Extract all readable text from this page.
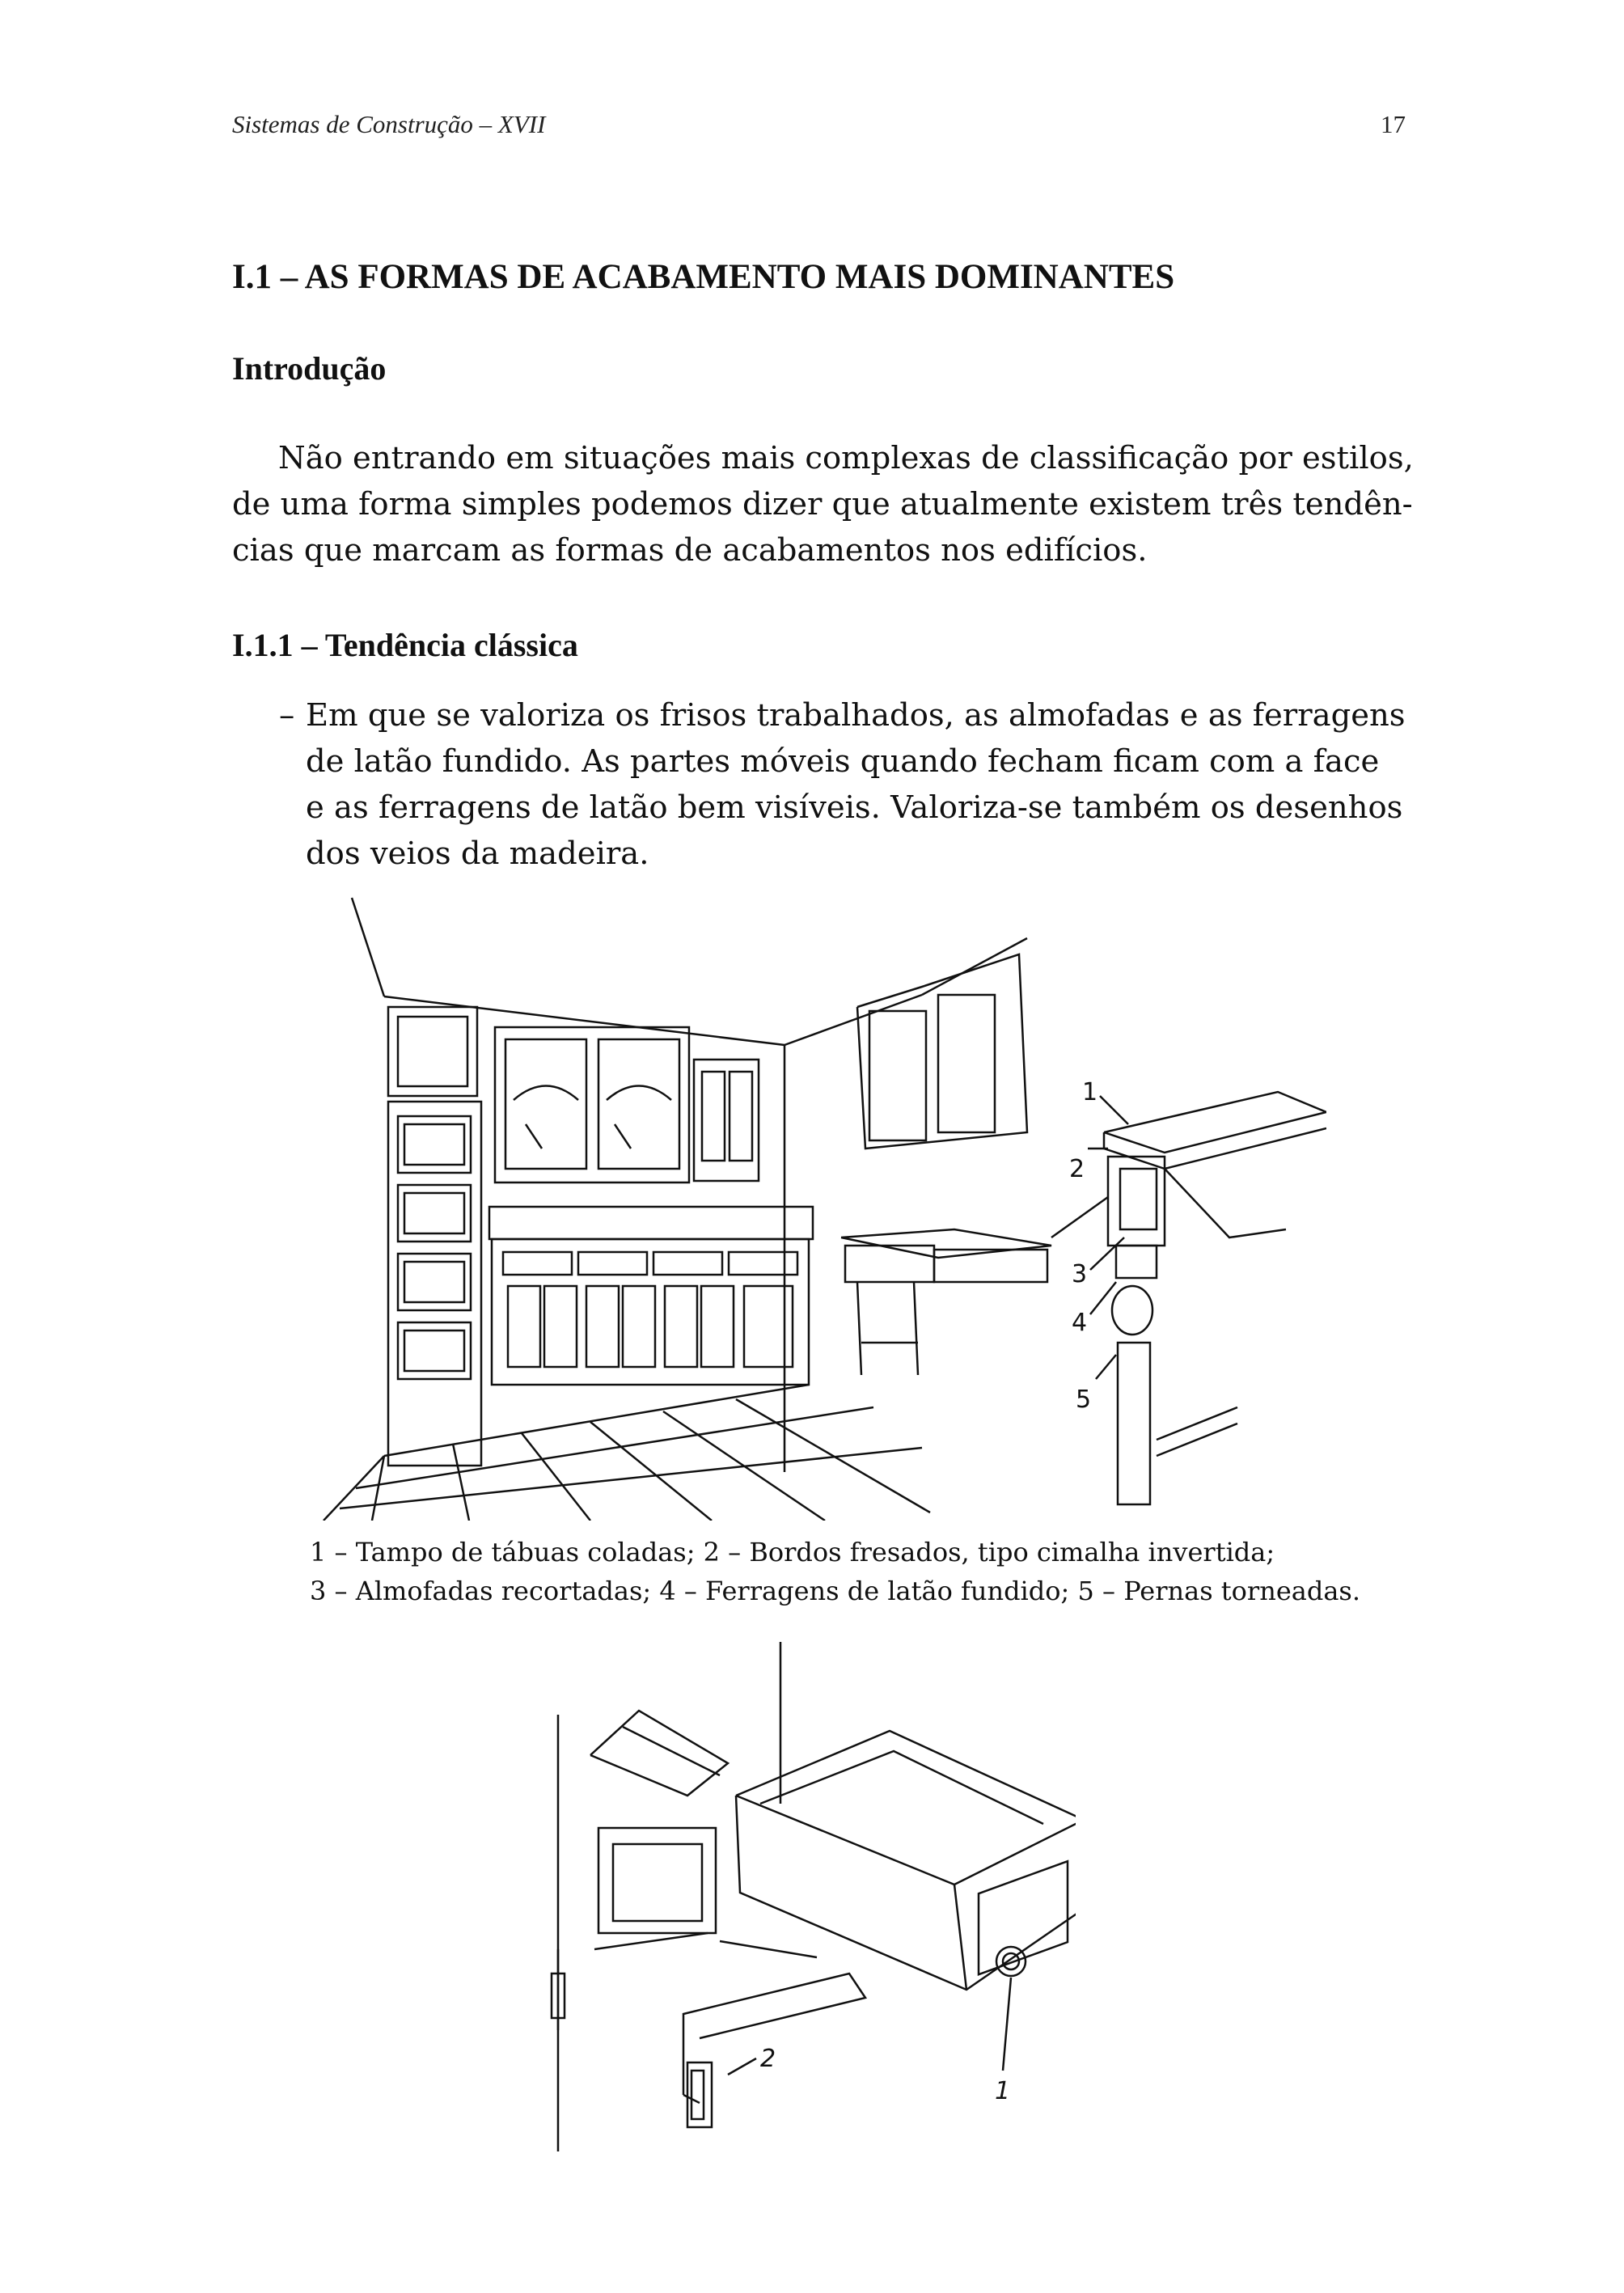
Sistemas de Construção – XVII	17
I.1 – AS FORMAS DE ACABAMENTO MAIS DOMINANTES
Introdução
Não entrando em situações mais complexas de classificação por estilos,
de uma forma simples podemos dizer que atualmente existem três tendên-
cias que marcam as formas de acabamentos nos edifícios.
I.1.1 – Tendência clássica
– Em que se valoriza os frisos trabalhados, as almofadas e as ferragens
de latão fundido. As partes móveis quando fecham ficam com a face
e as ferragens de latão bem visíveis. Valoriza-se também os desenhos
dos veios da madeira.
1
2
3
4
5
1 – Tampo de tábuas coladas; 2 – Bordos fresados, tipo cimalha invertida;
3 – Almofadas recortadas; 4 – Ferragens de latão fundido; 5 – Pernas torneadas.
1
2
